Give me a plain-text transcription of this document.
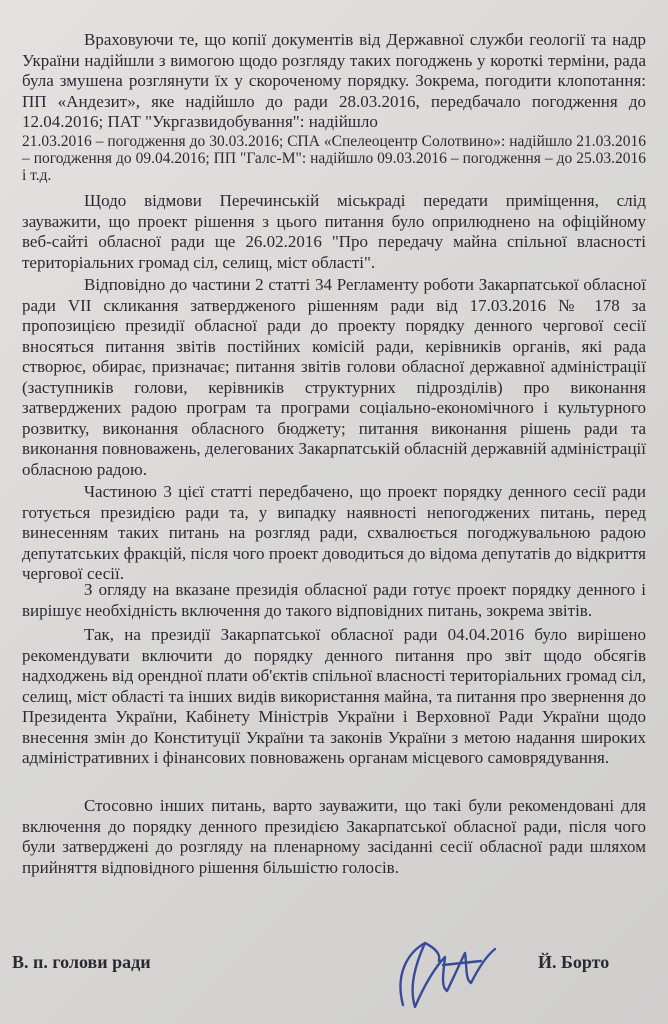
Враховуючи те, що копії документів від Державної служби геології та надр України надійшли з вимогою щодо розгляду таких погоджень у короткі терміни, рада була змушена розглянути їх у скороченому порядку. Зокрема, погодити клопотання: ПП «Андезит», яке надійшло до ради 28.03.2016, передбачало погодження до 12.04.2016; ПАТ "Укргазвидобування": надійшло

21.03.2016 – погодження до 30.03.2016; СПА «Спелеоцентр Солотвино»: надійшло 21.03.2016 – погодження до 09.04.2016; ПП "Галс-М": надійшло 09.03.2016 – погодження – до 25.03.2016 і т.д.

Щодо відмови Перечинській міськраді передати приміщення, слід зауважити, що проект рішення з цього питання було оприлюднено на офіційному веб-сайті обласної ради ще 26.02.2016 "Про передачу майна спільної власності територіальних громад сіл, селищ, міст області".

Відповідно до частини 2 статті 34 Регламенту роботи Закарпатської обласної ради VII скликання затвердженого рішенням ради від 17.03.2016 № 178 за пропозицією президії обласної ради до проекту порядку денного чергової сесії вносяться питання звітів постійних комісій ради, керівників органів, які рада створює, обирає, призначає; питання звітів голови обласної державної адміністрації (заступників голови, керівників структурних підрозділів) про виконання затверджених радою програм та програми соціально-економічного і культурного розвитку, виконання обласного бюджету; питання виконання рішень ради та виконання повноважень, делегованих Закарпатській обласній державній адміністрації обласною радою.

Частиною 3 цієї статті передбачено, що проект порядку денного сесії ради готується президією ради та, у випадку наявності непогоджених питань, перед винесенням таких питань на розгляд ради, схвалюється погоджувальною радою депутатських фракцій, після чого проект доводиться до відома депутатів до відкриття чергової сесії.

З огляду на вказане президія обласної ради готує проект порядку денного і вирішує необхідність включення до такого відповідних питань, зокрема звітів.

Так, на президії Закарпатської обласної ради 04.04.2016 було вирішено рекомендувати включити до порядку денного питання про звіт щодо обсягів надходжень від орендної плати об'єктів спільної власності територіальних громад сіл, селищ, міст області та інших видів використання майна, та питання про звернення до Президента України, Кабінету Міністрів України і Верховної Ради України щодо внесення змін до Конституції України та законів України з метою надання широких адміністративних і фінансових повноважень органам місцевого самоврядування.

Стосовно інших питань, варто зауважити, що такі були рекомендовані для включення до порядку денного президією Закарпатської обласної ради, після чого були затверджені до розгляду на пленарному засіданні сесії обласної ради шляхом прийняття відповідного рішення більшістю голосів.

В. п. голови ради	Й. Борто
